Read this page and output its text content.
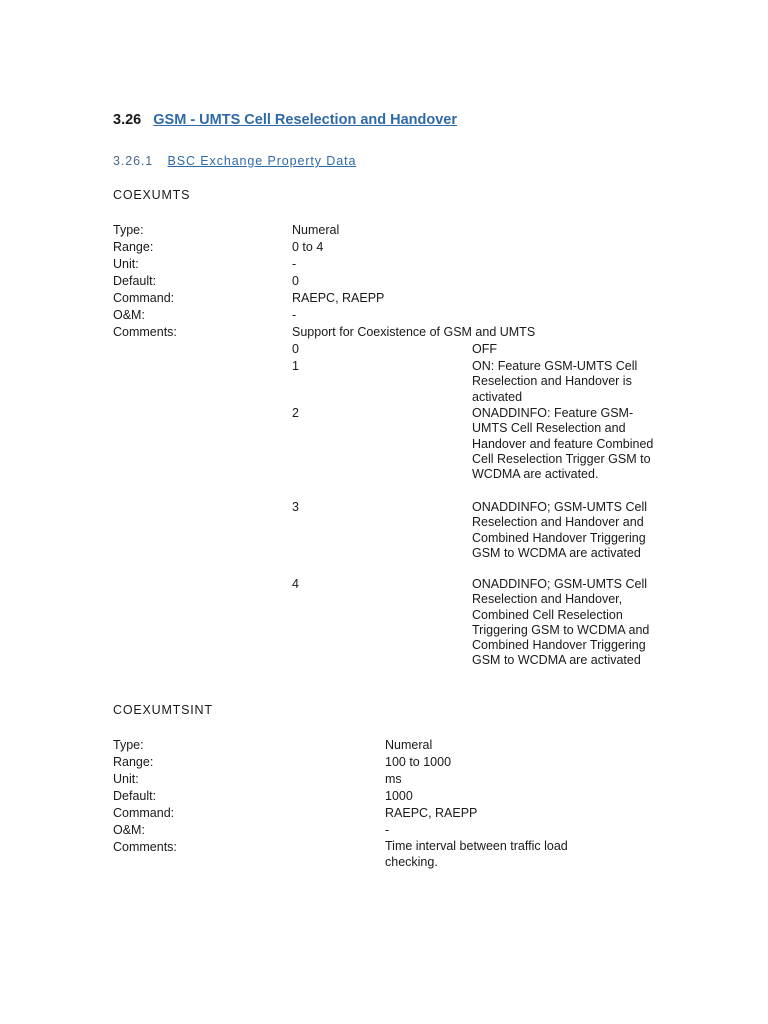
3.26 GSM - UMTS Cell Reselection and Handover
3.26.1 BSC Exchange Property Data
COEXUMTS
Type:	Numeral
Range:	0 to 4
Unit:	-
Default:	0
Command:	RAEPC, RAEPP
O&M:	-
Comments:	Support for Coexistence of GSM and UMTS
0	OFF
1	ON: Feature GSM-UMTS Cell Reselection and Handover is activated
2	ONADDINFO: Feature GSM-UMTS Cell Reselection and Handover and feature Combined Cell Reselection Trigger GSM to WCDMA are activated.
3	ONADDINFO; GSM-UMTS Cell Reselection and Handover and Combined Handover Triggering GSM to WCDMA are activated
4	ONADDINFO; GSM-UMTS Cell Reselection and Handover, Combined Cell Reselection Triggering GSM to WCDMA and Combined Handover Triggering GSM to WCDMA are activated
COEXUMTSINT
Type:	Numeral
Range:	100 to 1000
Unit:	ms
Default:	1000
Command:	RAEPC, RAEPP
O&M:	-
Comments:	Time interval between traffic load checking.
